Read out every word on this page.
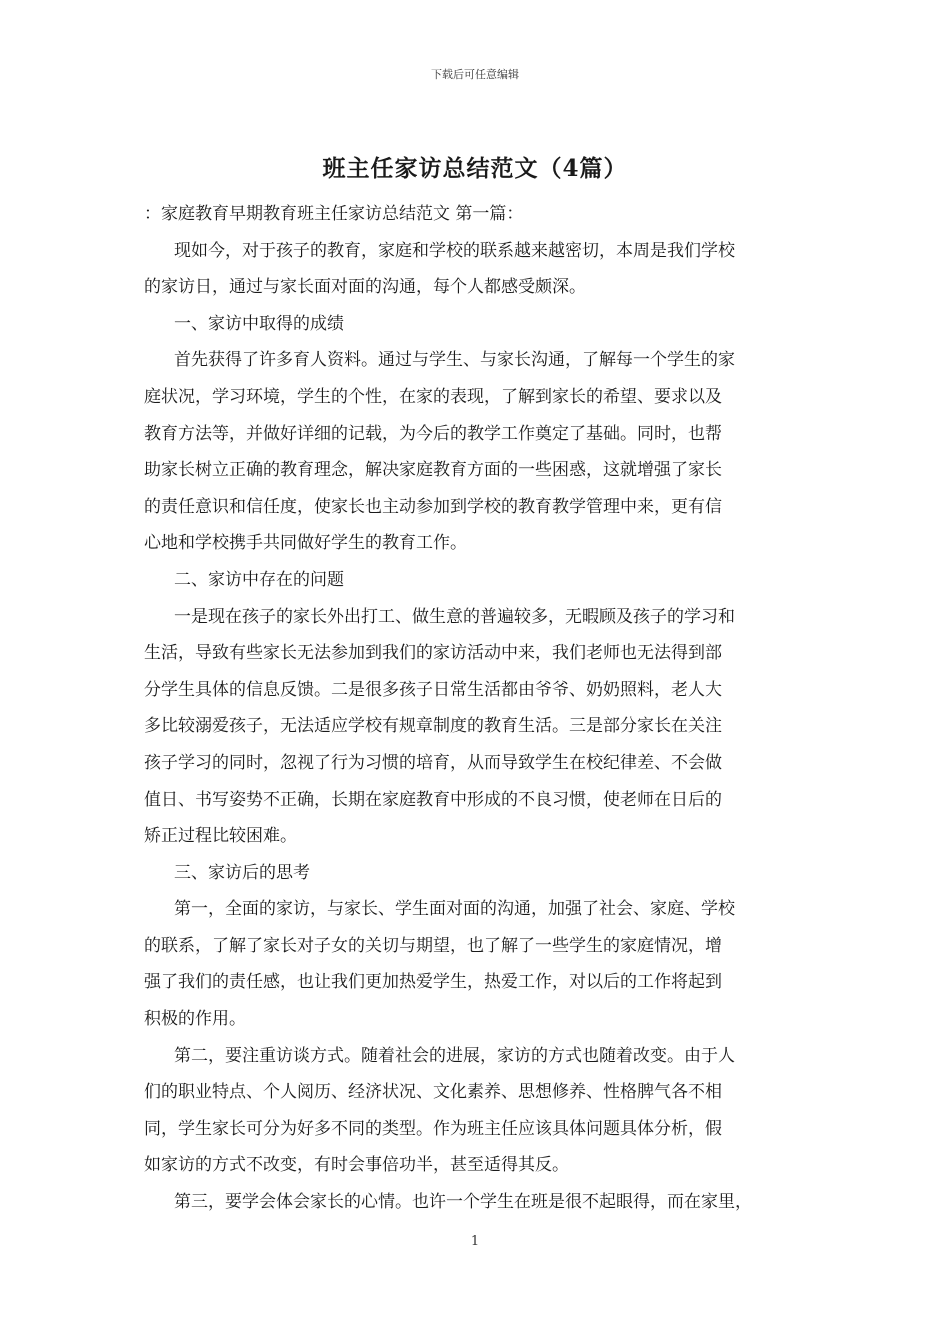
下载后可任意编辑
班主任家访总结范文（4篇）
：家庭教育早期教育班主任家访总结范文 第一篇：
现如今，对于孩子的教育，家庭和学校的联系越来越密切，本周是我们学校
的家访日，通过与家长面对面的沟通，每个人都感受颇深。
一、家访中取得的成绩
首先获得了许多育人资料。通过与学生、与家长沟通，了解每一个学生的家
庭状况，学习环境，学生的个性，在家的表现，了解到家长的希望、要求以及
教育方法等，并做好详细的记载，为今后的教学工作奠定了基础。同时，也帮
助家长树立正确的教育理念，解决家庭教育方面的一些困惑，这就增强了家长
的责任意识和信任度，使家长也主动参加到学校的教育教学管理中来，更有信
心地和学校携手共同做好学生的教育工作。
二、家访中存在的问题
一是现在孩子的家长外出打工、做生意的普遍较多，无暇顾及孩子的学习和
生活，导致有些家长无法参加到我们的家访活动中来，我们老师也无法得到部
分学生具体的信息反馈。二是很多孩子日常生活都由爷爷、奶奶照料，老人大
多比较溺爱孩子，无法适应学校有规章制度的教育生活。三是部分家长在关注
孩子学习的同时，忽视了行为习惯的培育，从而导致学生在校纪律差、不会做
值日、书写姿势不正确，长期在家庭教育中形成的不良习惯，使老师在日后的
矫正过程比较困难。
三、家访后的思考
第一，全面的家访，与家长、学生面对面的沟通，加强了社会、家庭、学校
的联系，了解了家长对子女的关切与期望，也了解了一些学生的家庭情况，增
强了我们的责任感，也让我们更加热爱学生，热爱工作，对以后的工作将起到
积极的作用。
第二，要注重访谈方式。随着社会的进展，家访的方式也随着改变。由于人
们的职业特点、个人阅历、经济状况、文化素养、思想修养、性格脾气各不相
同，学生家长可分为好多不同的类型。作为班主任应该具体问题具体分析，假
如家访的方式不改变，有时会事倍功半，甚至适得其反。
第三，要学会体会家长的心情。也许一个学生在班是很不起眼得，而在家里，
1
